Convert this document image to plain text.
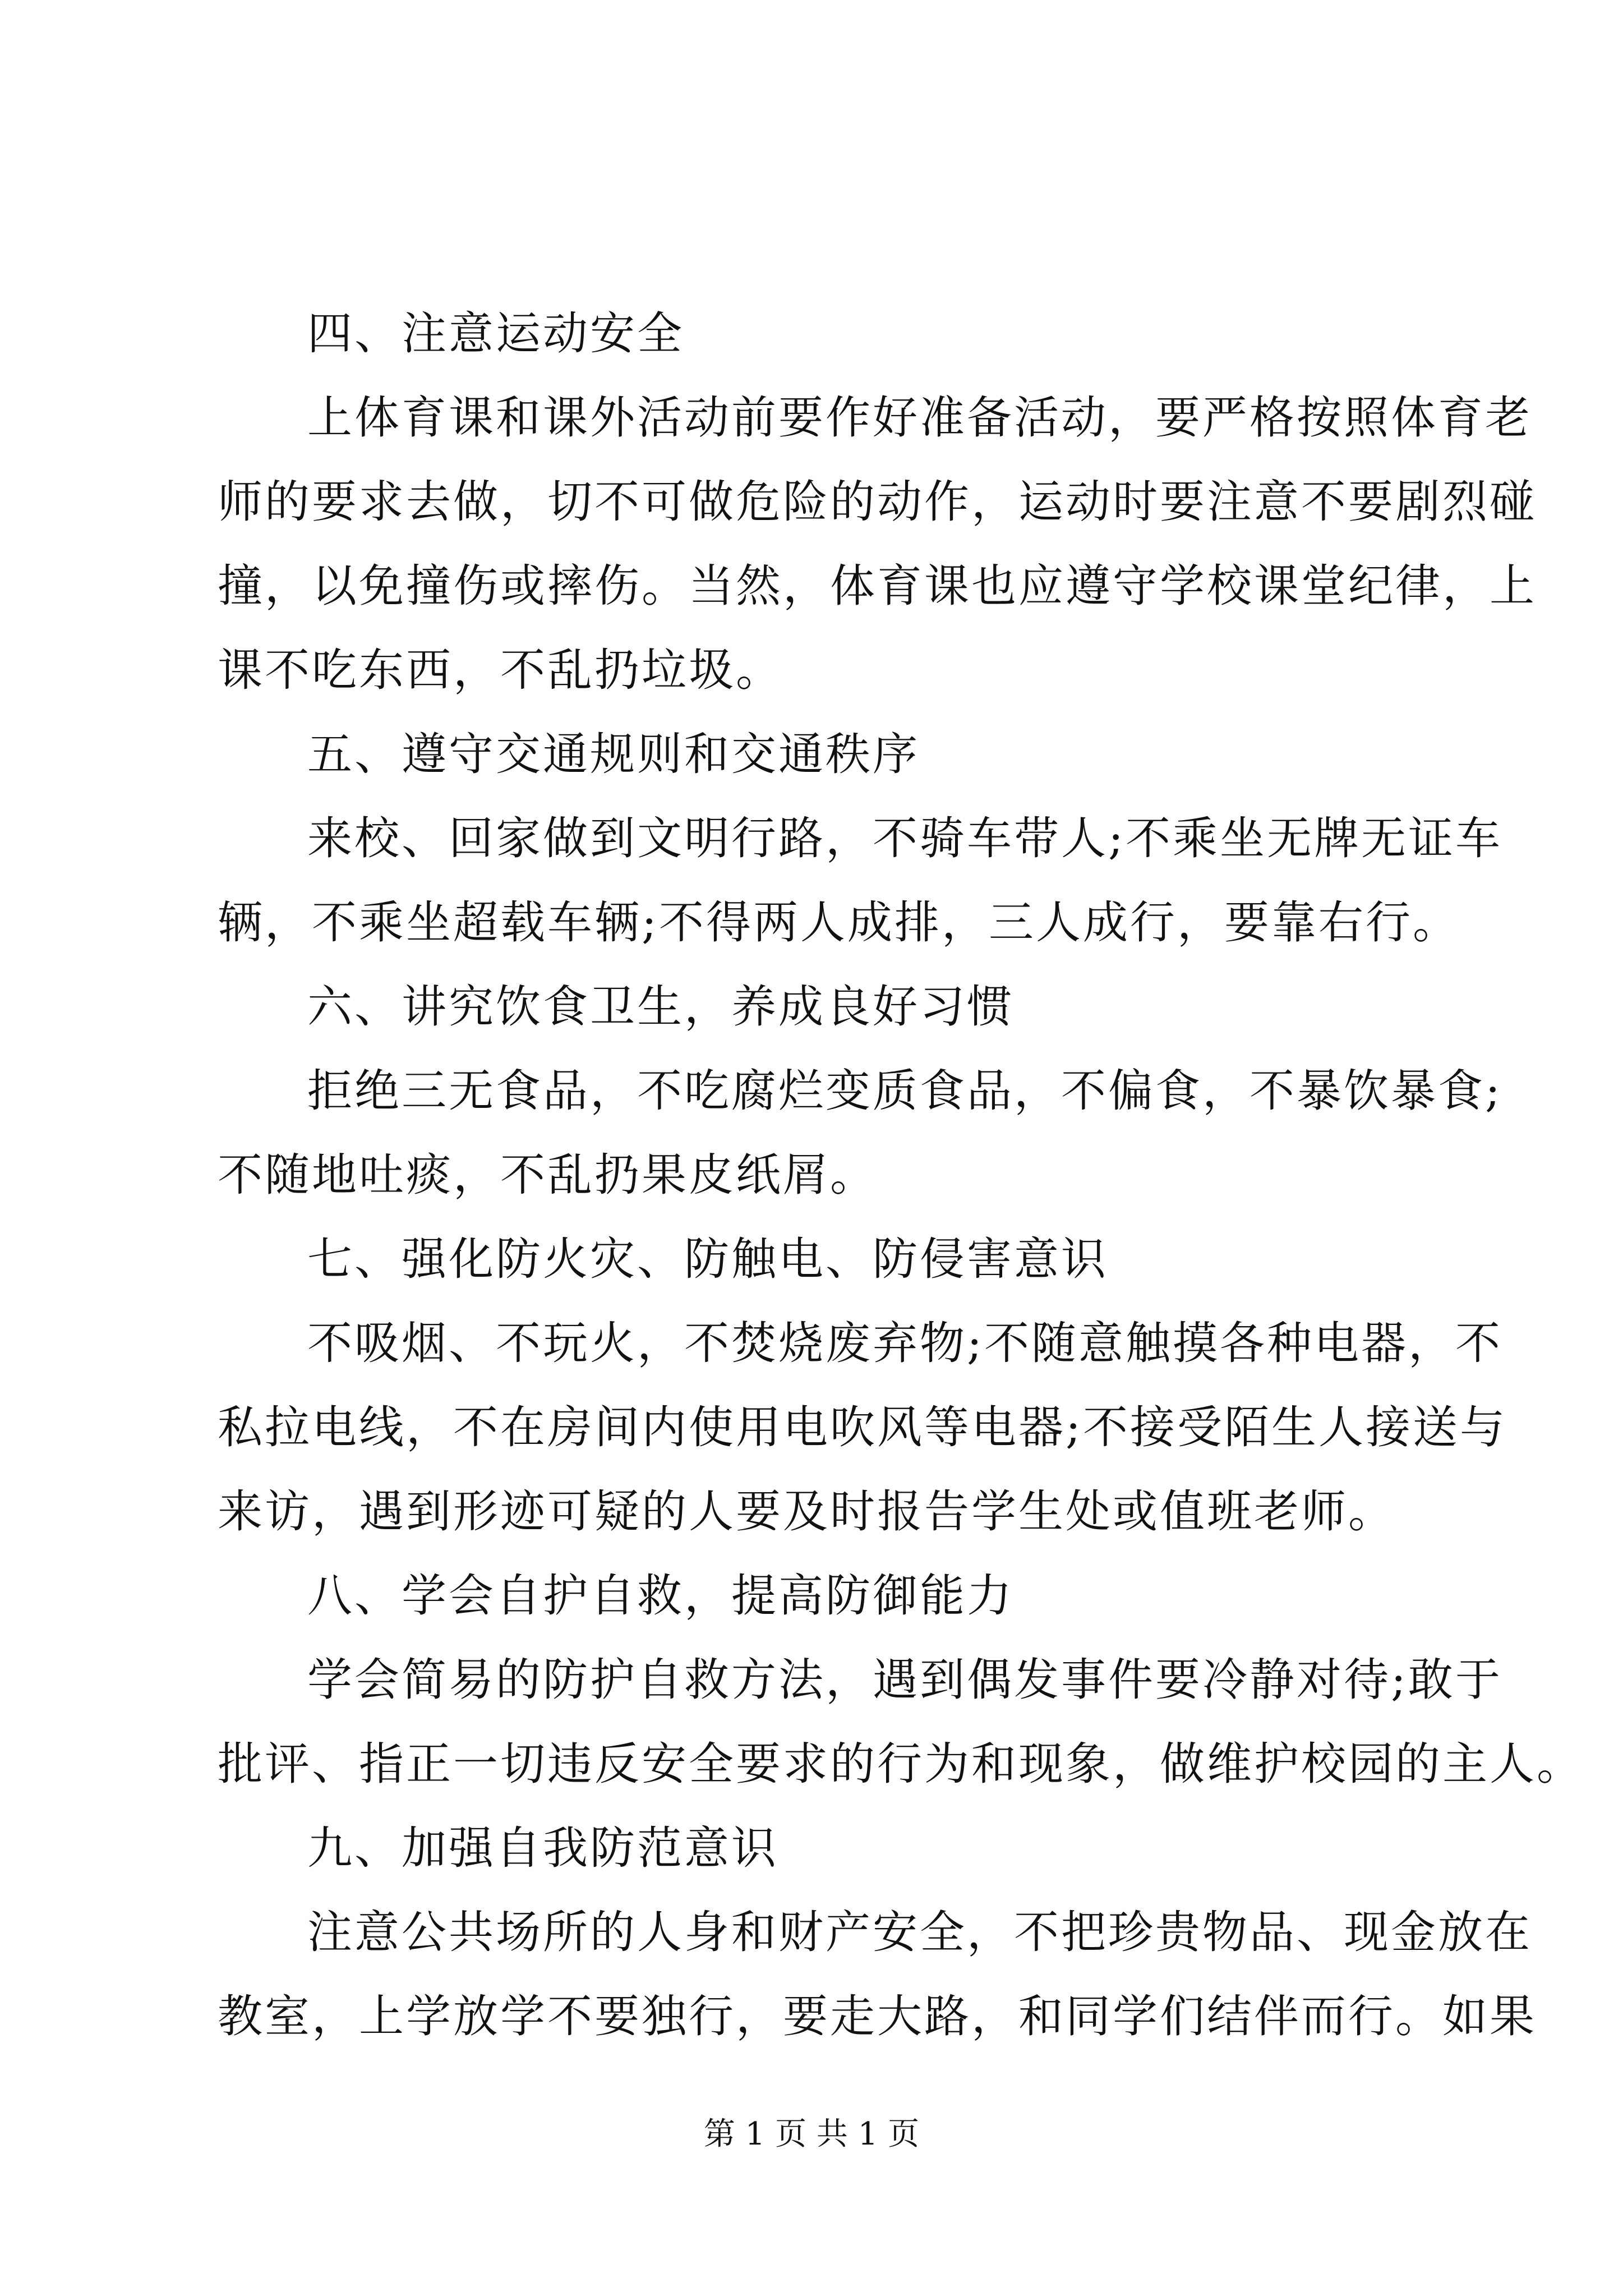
四、注意运动安全
上体育课和课外活动前要作好准备活动，要严格按照体育老
师的要求去做，切不可做危险的动作，运动时要注意不要剧烈碰
撞，以免撞伤或摔伤。当然，体育课也应遵守学校课堂纪律，上
课不吃东西，不乱扔垃圾。
五、遵守交通规则和交通秩序
来校、回家做到文明行路，不骑车带人;不乘坐无牌无证车
辆，不乘坐超载车辆;不得两人成排，三人成行，要靠右行。
六、讲究饮食卫生，养成良好习惯
拒绝三无食品，不吃腐烂变质食品，不偏食，不暴饮暴食;
不随地吐痰，不乱扔果皮纸屑。
七、强化防火灾、防触电、防侵害意识
不吸烟、不玩火，不焚烧废弃物;不随意触摸各种电器，不
私拉电线，不在房间内使用电吹风等电器;不接受陌生人接送与
来访，遇到形迹可疑的人要及时报告学生处或值班老师。
八、学会自护自救，提高防御能力
学会简易的防护自救方法，遇到偶发事件要冷静对待;敢于
批评、指正一切违反安全要求的行为和现象，做维护校园的主人。
九、加强自我防范意识
注意公共场所的人身和财产安全，不把珍贵物品、现金放在
教室，上学放学不要独行，要走大路，和同学们结伴而行。如果
第 1 页 共 1 页
